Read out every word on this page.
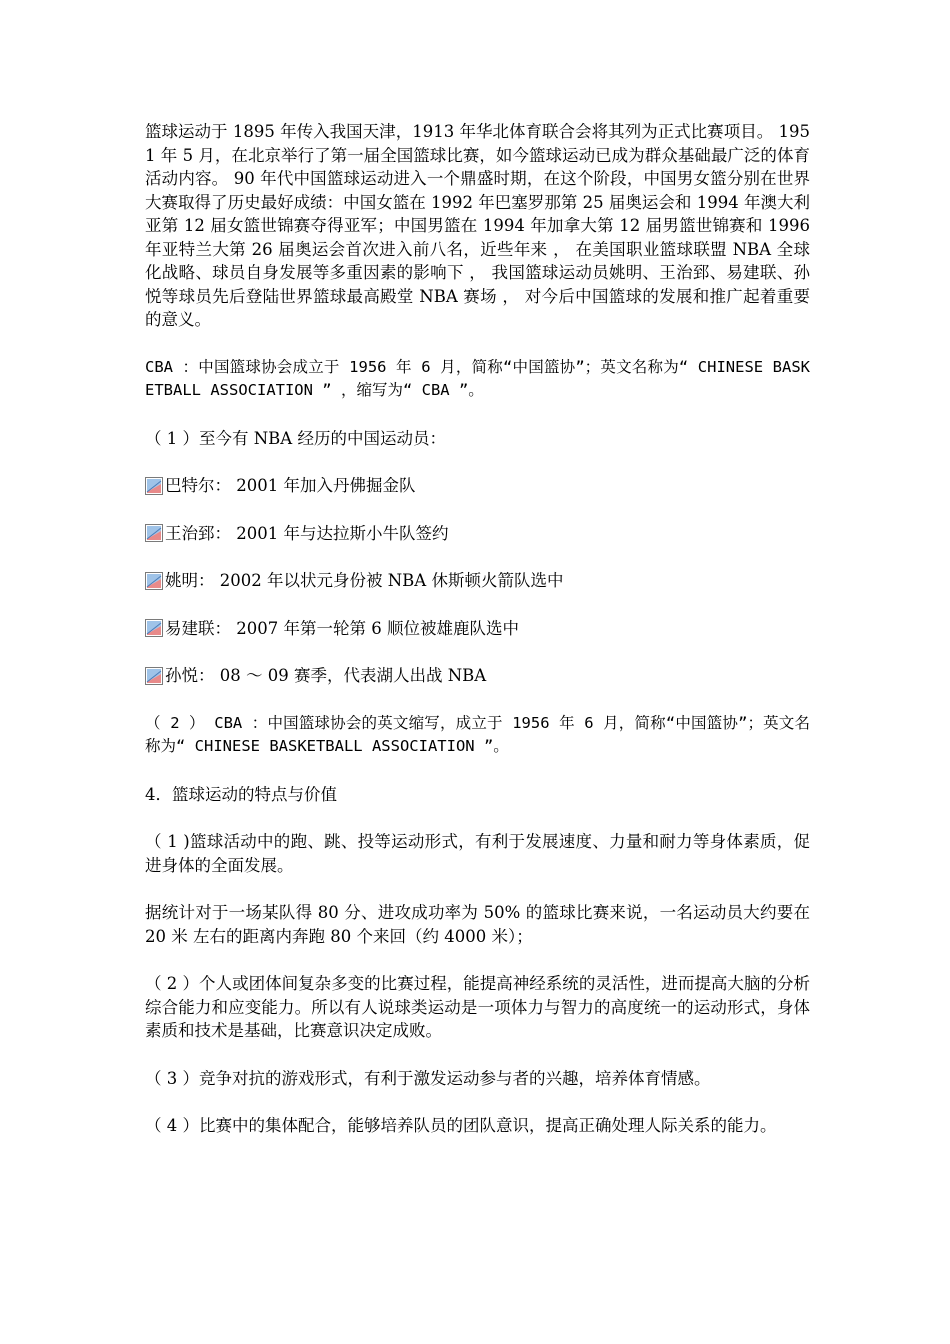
篮球运动于 1895 年传入我国天津，1913 年华北体育联合会将其列为正式比赛项目。 1951 年 5 月，在北京举行了第一届全国篮球比赛，如今篮球运动已成为群众基础最广泛的体育活动内容。 90 年代中国篮球运动进入一个鼎盛时期，在这个阶段，中国男女篮分别在世界大赛取得了历史最好成绩：中国女篮在 1992 年巴塞罗那第 25 届奥运会和 1994 年澳大利亚第 12 届女篮世锦赛夺得亚军；中国男篮在 1994 年加拿大第 12 届男篮世锦赛和 1996 年亚特兰大第 26 届奥运会首次进入前八名，近些年来 ， 在美国职业篮球联盟 NBA 全球化战略、球员自身发展等多重因素的影响下 ， 我国篮球运动员姚明、王治郅、易建联、孙悦等球员先后登陆世界篮球最高殿堂 NBA 赛场 ， 对今后中国篮球的发展和推广起着重要的意义。

CBA ：中国篮球协会成立于 1956 年 6 月，简称“中国篮协”；英文名称为“ CHINESE BASKETBALL ASSOCIATION ” ，缩写为“ CBA ”。

（ 1 ）至今有 NBA 经历的中国运动员：

巴特尔： 2001 年加入丹佛掘金队
王治郅： 2001 年与达拉斯小牛队签约
姚明： 2002 年以状元身份被 NBA 休斯顿火箭队选中
易建联： 2007 年第一轮第 6 顺位被雄鹿队选中
孙悦： 08 ～ 09 赛季，代表湖人出战 NBA

（ 2 ） CBA ：中国篮球协会的英文缩写，成立于 1956 年 6 月，简称“中国篮协”；英文名称为“ CHINESE BASKETBALL ASSOCIATION ”。

4．篮球运动的特点与价值

（ 1 )篮球活动中的跑、跳、投等运动形式，有利于发展速度、力量和耐力等身体素质，促进身体的全面发展。

据统计对于一场某队得 80 分、进攻成功率为 50% 的篮球比赛来说，一名运动员大约要在 20 米 左右的距离内奔跑 80 个来回（约 4000 米）；

（ 2 ）个人或团体间复杂多变的比赛过程，能提高神经系统的灵活性，进而提高大脑的分析综合能力和应变能力。所以有人说球类运动是一项体力与智力的高度统一的运动形式，身体素质和技术是基础，比赛意识决定成败。

（ 3 ）竞争对抗的游戏形式，有利于激发运动参与者的兴趣，培养体育情感。

（ 4 ）比赛中的集体配合，能够培养队员的团队意识，提高正确处理人际关系的能力。
